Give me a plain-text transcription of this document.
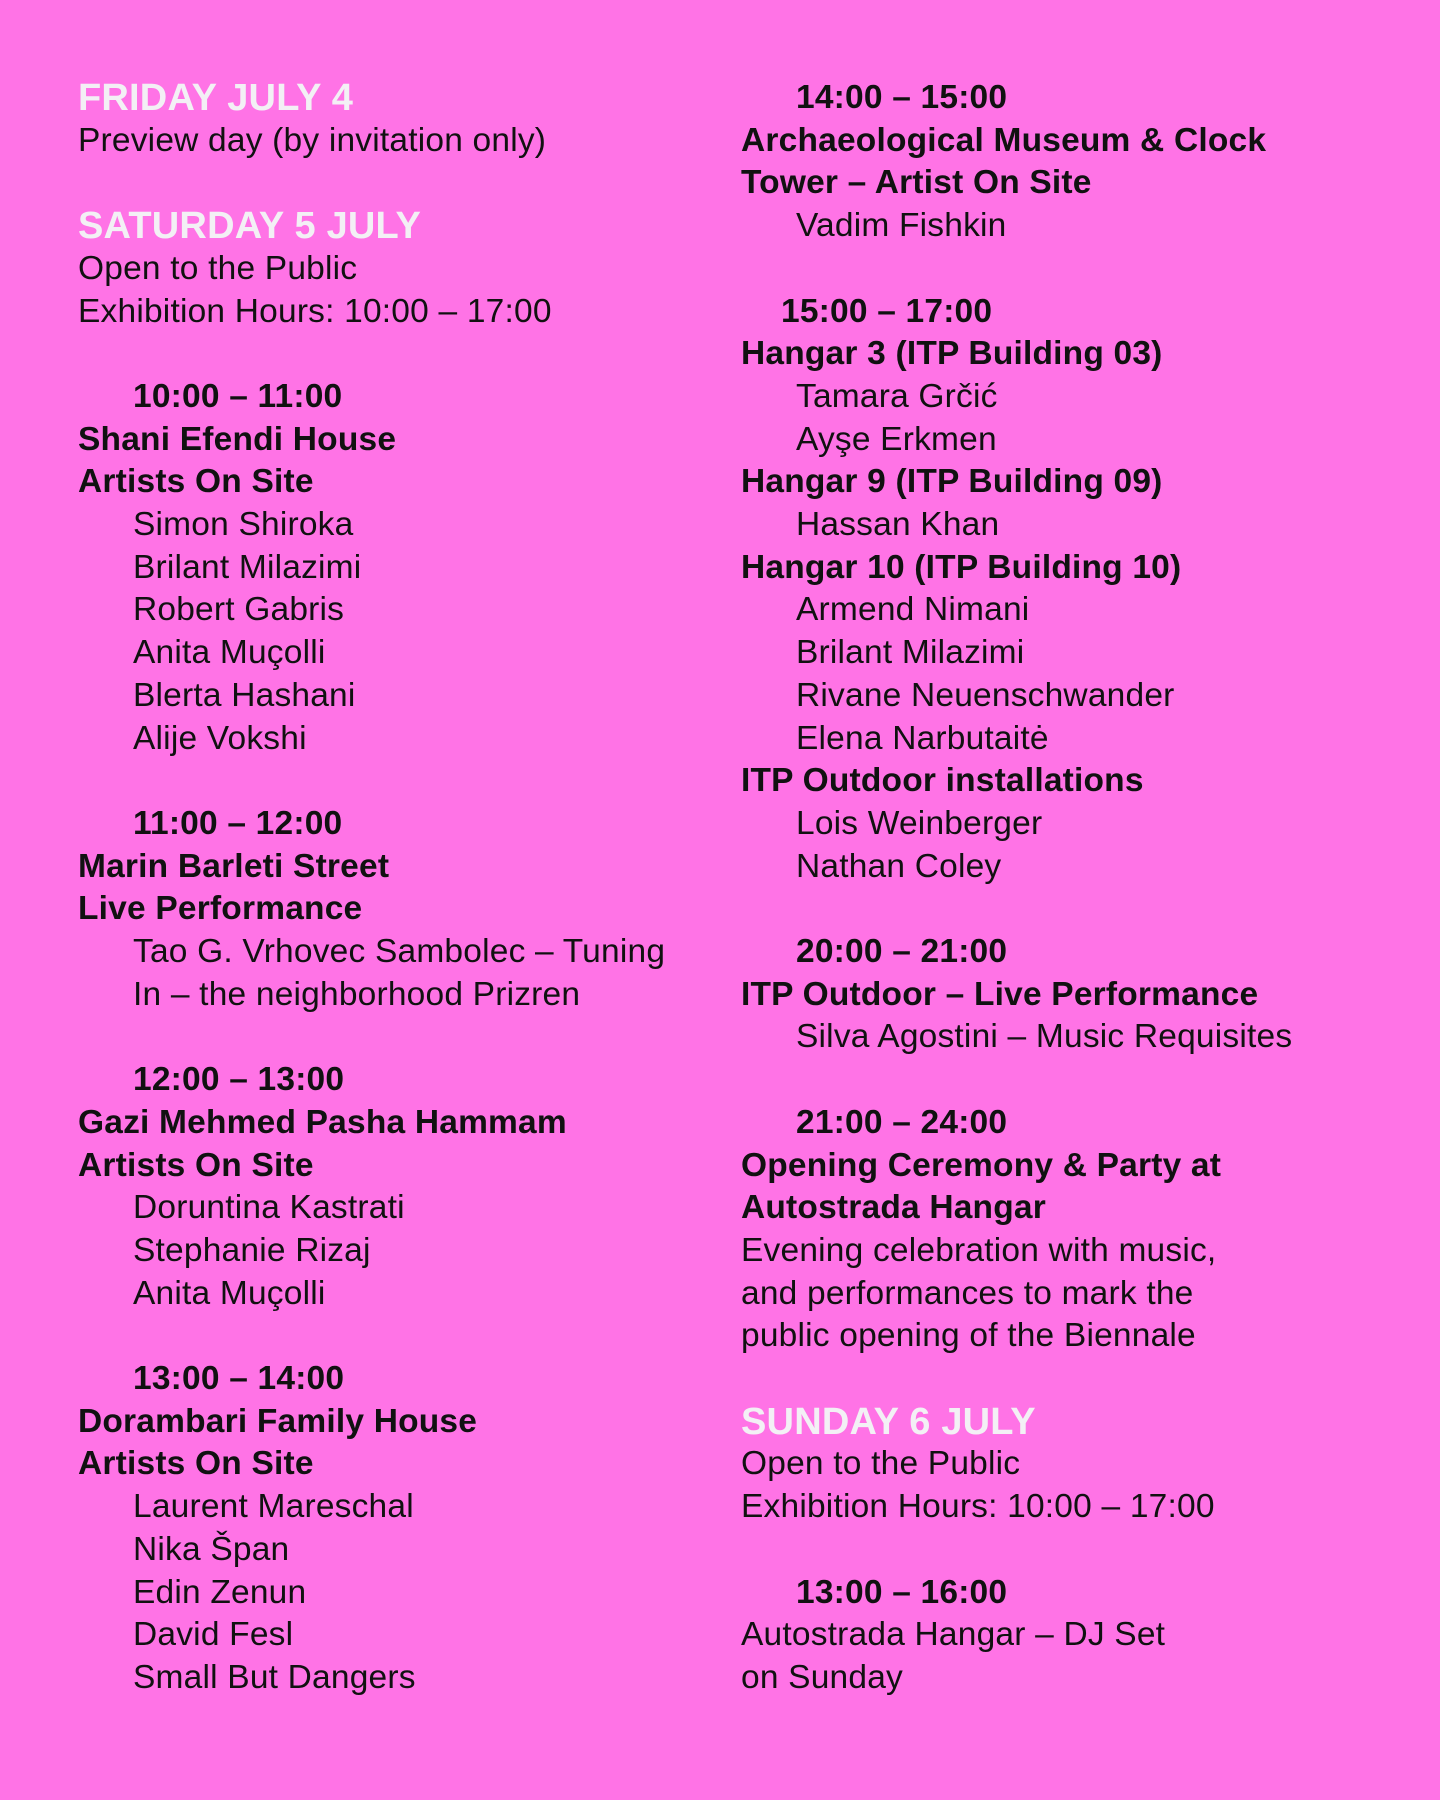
FRIDAY JULY 4
Preview day (by invitation only)
SATURDAY 5 JULY
Open to the Public
Exhibition Hours: 10:00 – 17:00
10:00 – 11:00
Shani Efendi House
Artists On Site
Simon Shiroka
Brilant Milazimi
Robert Gabris
Anita Muçolli
Blerta Hashani
Alije Vokshi
11:00 – 12:00
Marin Barleti Street
Live Performance
Tao G. Vrhovec Sambolec – Tuning
In – the neighborhood Prizren
12:00 – 13:00
Gazi Mehmed Pasha Hammam
Artists On Site
Doruntina Kastrati
Stephanie Rizaj
Anita Muçolli
13:00 – 14:00
Dorambari Family House
Artists On Site
Laurent Mareschal
Nika Špan
Edin Zenun
David Fesl
Small But Dangers
14:00 – 15:00
Archaeological Museum & Clock
Tower – Artist On Site
Vadim Fishkin
15:00 – 17:00
Hangar 3 (ITP Building 03)
Tamara Grčić
Ayşe Erkmen
Hangar 9 (ITP Building 09)
Hassan Khan
Hangar 10 (ITP Building 10)
Armend Nimani
Brilant Milazimi
Rivane Neuenschwander
Elena Narbutaitė
ITP Outdoor installations
Lois Weinberger
Nathan Coley
20:00 – 21:00
ITP Outdoor – Live Performance
Silva Agostini – Music Requisites
21:00 – 24:00
Opening Ceremony & Party at
Autostrada Hangar
Evening celebration with music,
and performances to mark the
public opening of the Biennale
SUNDAY 6 JULY
Open to the Public
Exhibition Hours: 10:00 – 17:00
13:00 – 16:00
Autostrada Hangar – DJ Set
on Sunday
